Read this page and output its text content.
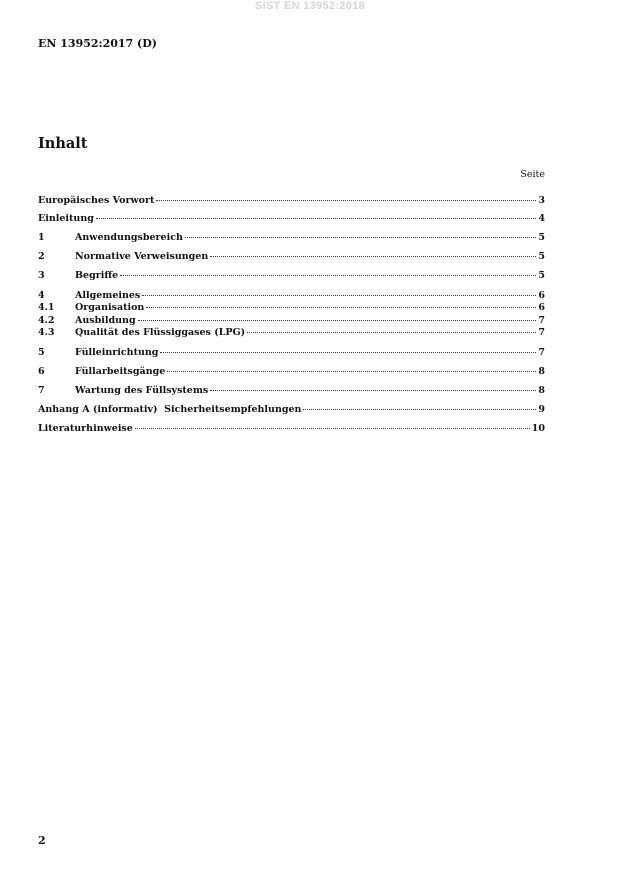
SIST EN 13952:2018
EN 13952:2017 (D)
Inhalt
Seite
Europäisches Vorwort	3
Einleitung	4
1	Anwendungsbereich	5
2	Normative Verweisungen	5
3	Begriffe	5
4	Allgemeines	6
4.1	Organisation	6
4.2	Ausbildung	7
4.3	Qualität des Flüssiggases (LPG)	7
5	Fülleinrichtung	7
6	Füllarbeitsgänge	8
7	Wartung des Füllsystems	8
Anhang A (informativ)  Sicherheitsempfehlungen	9
Literaturhinweise	10
2
